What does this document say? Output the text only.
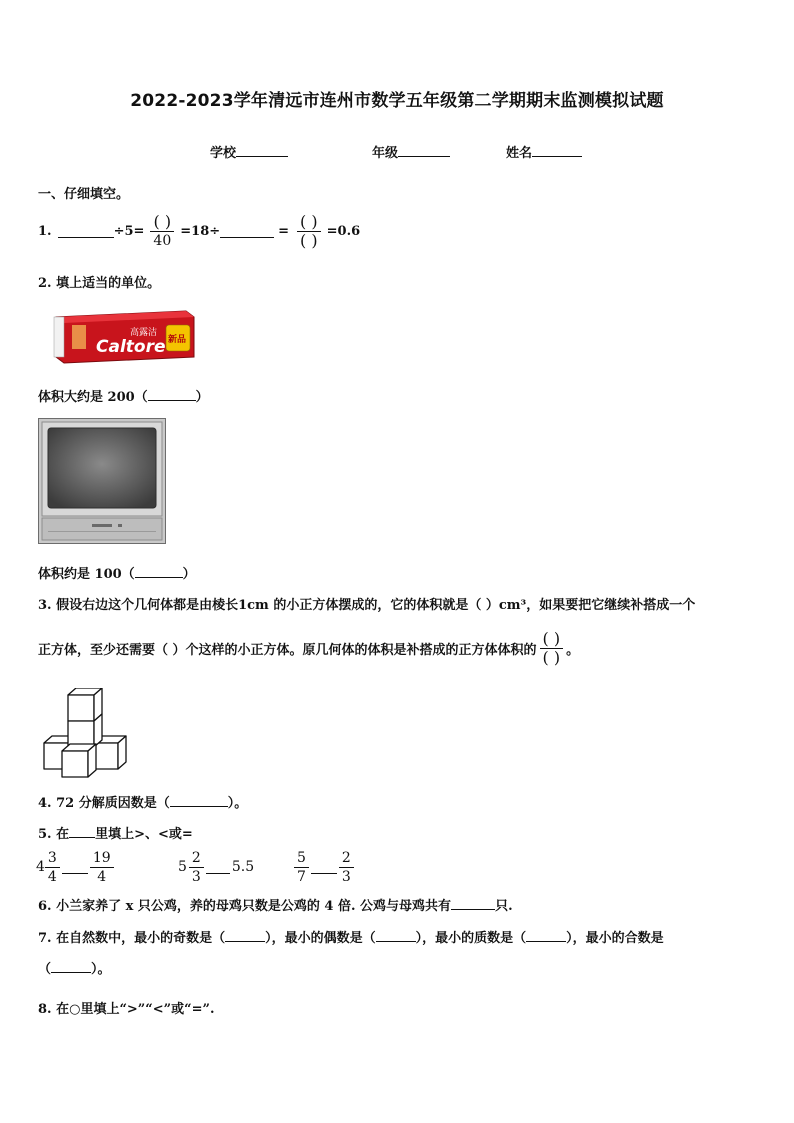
2022-2023学年清远市连州市数学五年级第二学期期末监测模拟试题
学校	年级	姓名
一、仔细填空。
1.	$\div 5= \frac{( )}{40} =18\div$	= $\frac{( )}{( )} =0.6$
2. 填上适当的单位。
高露洁
Caltore 新品
体积大约是 200（	）
体积约是 100（	）
3. 假设右边这个几何体都是由棱长1cm 的小正方体摆成的，它的体积就是（ ）cm³，如果要把它继续补搭成一个
正方体，至少还需要（ ）个这样的小正方体。原几何体的体积是补搭成的正方体体积的 $\frac{( )}{( )}$ 。
4. 72 分解质因数是（	）。
5. 在 里填上>、<或=
$4 \frac{3}{4} \frac{19}{4}$	$5 \frac{2}{3} 5.5$	$\frac{5}{7} \frac{2}{3}$
6. 小兰家养了 x 只公鸡，养的母鸡只数是公鸡的 4 倍. 公鸡与母鸡共有	只.
7. 在自然数中，最小的奇数是（	），最小的偶数是（	），最小的质数是（	），最小的合数是
（	）。
8. 在○里填上“>”“<”或“=”.
